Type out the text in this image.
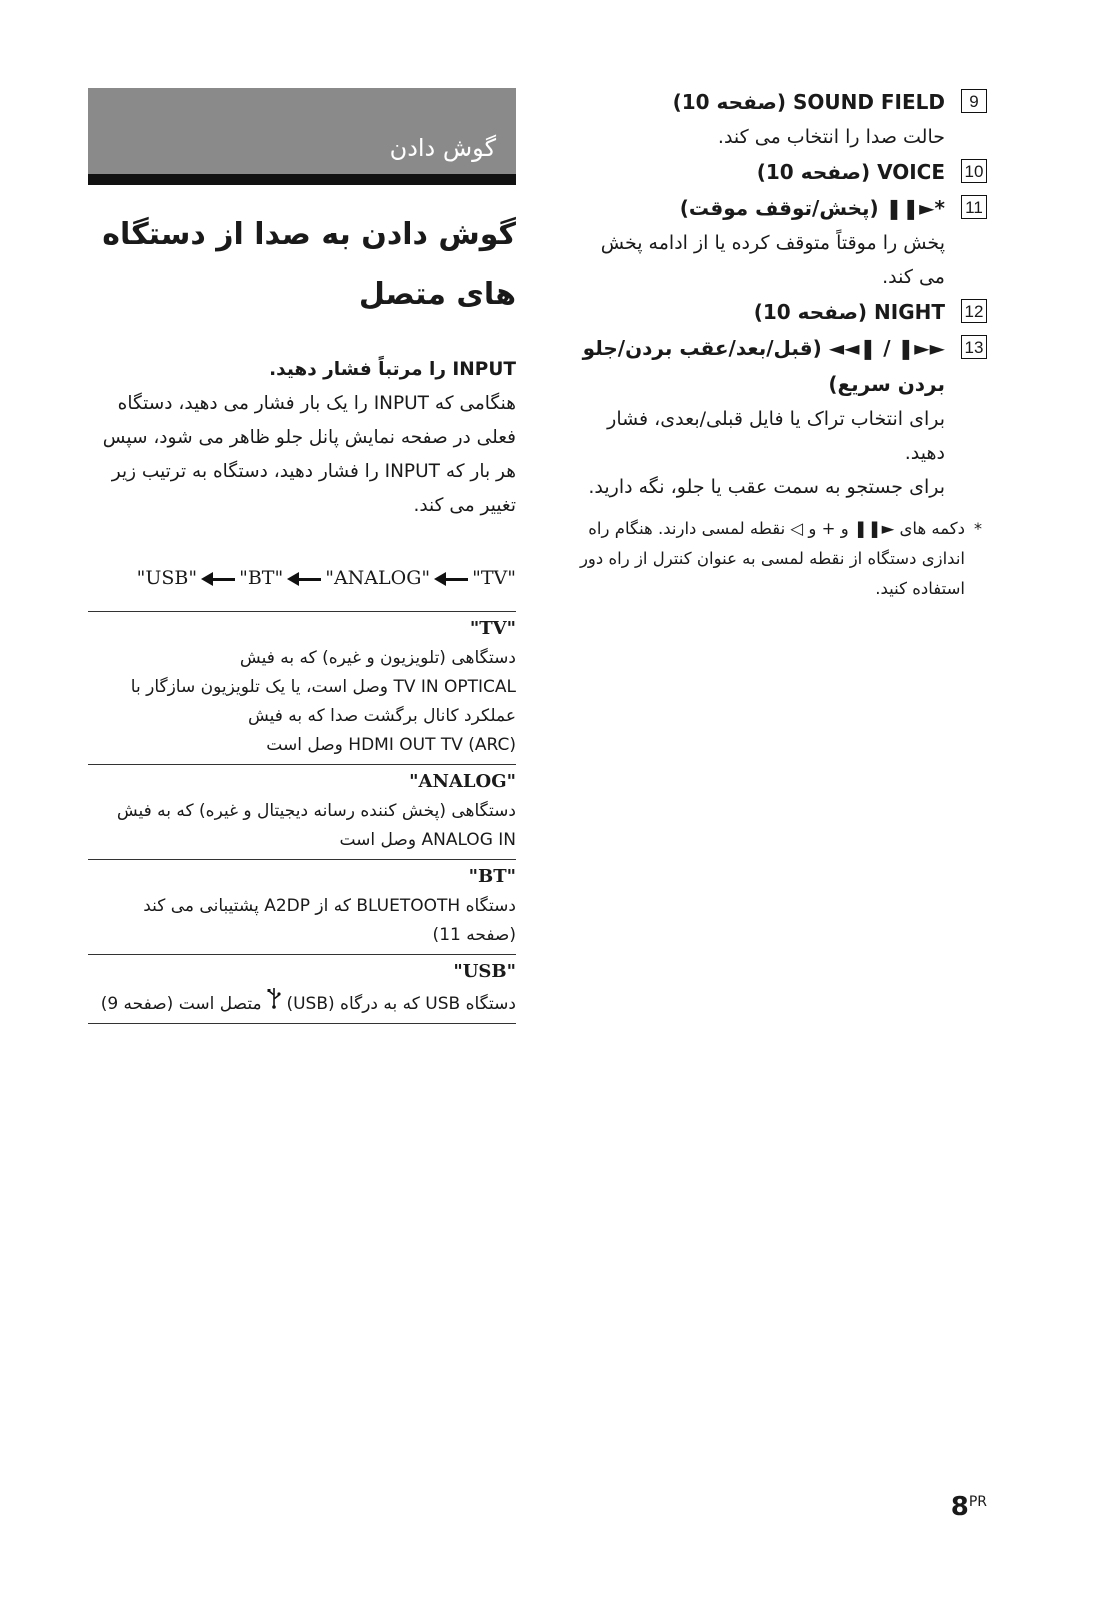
گوش دادن
گوش دادن به صدا از دستگاه های متصل

INPUT را مرتباً فشار دهید.

هنگامی که INPUT را یک بار فشار می دهید، دستگاه

فعلی در صفحه نمایش پانل جلو ظاهر می شود، سپس

هر بار که INPUT را فشار دهید، دستگاه به ترتیب زیر

تغییر می کند.

"USB" "BT" "ANALOG" "TV"
"TV"
دستگاهی (تلویزیون و غیره) که به فیش
TV IN OPTICAL وصل است، یا یک تلویزیون سازگار با
عملکرد کانال برگشت صدا که به فیش
HDMI OUT TV (ARC) وصل است
"ANALOG"
دستگاهی (پخش کننده رسانه دیجیتال و غیره) که به فیش
ANALOG IN وصل است
"BT"
دستگاه BLUETOOTH که از A2DP پشتیبانی می کند
(صفحه 11)
"USB"
دستگاه USB که به درگاه (USB)  متصل است (صفحه 9)
9
SOUND FIELD (صفحه 10)
حالت صدا را انتخاب می کند.
10
VOICE (صفحه 10)
11
*►❚❚ (پخش/توقف موقت)
پخش را موقتاً متوقف کرده یا از ادامه پخش
می کند.
12
NIGHT (صفحه 10)
13
►►❚ / ❚◄◄ (قبل/بعد/عقب بردن/جلو بردن سریع)
برای انتخاب تراک یا فایل قبلی/بعدی، فشار
دهید.
برای جستجو به سمت عقب یا جلو، نگه دارید.
*
دکمه های ►❚❚ و + و ◁ نقطه لمسی دارند. هنگام راه اندازی دستگاه از نقطه لمسی به عنوان کنترل از راه دور استفاده کنید.
$8^{PR}$
